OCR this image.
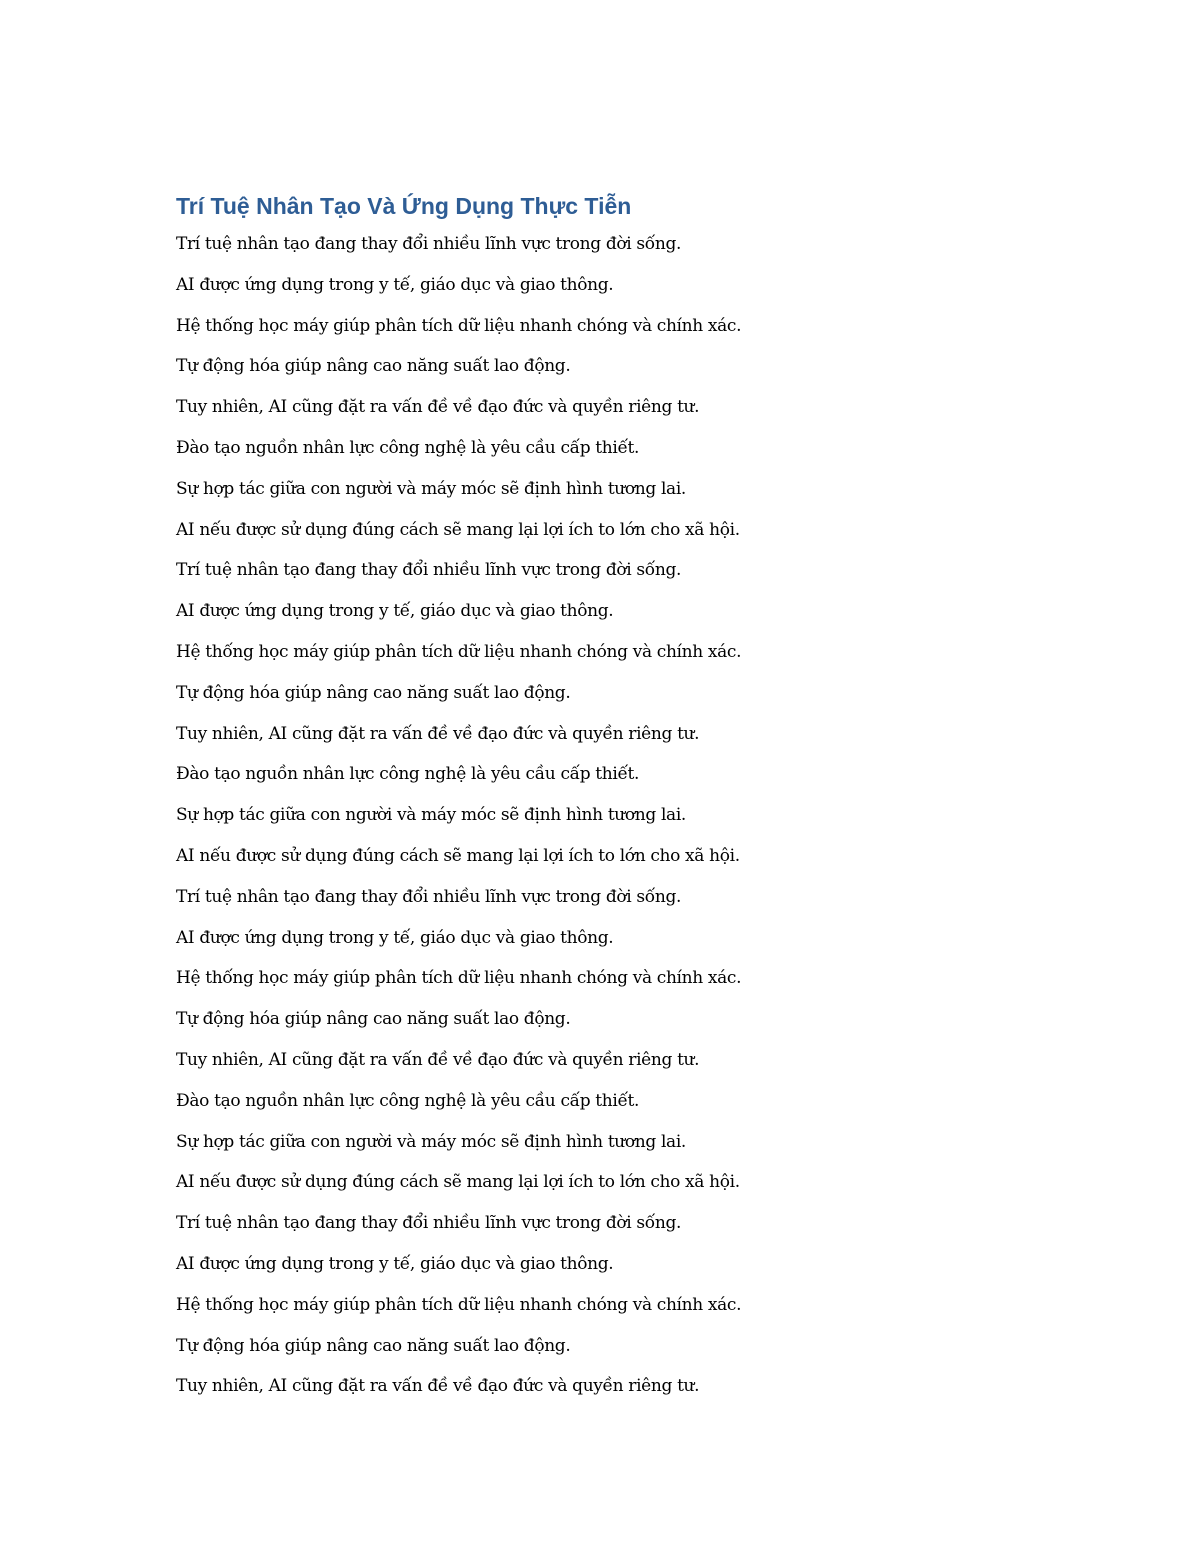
Trí Tuệ Nhân Tạo Và Ứng Dụng Thực Tiễn
Trí tuệ nhân tạo đang thay đổi nhiều lĩnh vực trong đời sống.
AI được ứng dụng trong y tế, giáo dục và giao thông.
Hệ thống học máy giúp phân tích dữ liệu nhanh chóng và chính xác.
Tự động hóa giúp nâng cao năng suất lao động.
Tuy nhiên, AI cũng đặt ra vấn đề về đạo đức và quyền riêng tư.
Đào tạo nguồn nhân lực công nghệ là yêu cầu cấp thiết.
Sự hợp tác giữa con người và máy móc sẽ định hình tương lai.
AI nếu được sử dụng đúng cách sẽ mang lại lợi ích to lớn cho xã hội.
Trí tuệ nhân tạo đang thay đổi nhiều lĩnh vực trong đời sống.
AI được ứng dụng trong y tế, giáo dục và giao thông.
Hệ thống học máy giúp phân tích dữ liệu nhanh chóng và chính xác.
Tự động hóa giúp nâng cao năng suất lao động.
Tuy nhiên, AI cũng đặt ra vấn đề về đạo đức và quyền riêng tư.
Đào tạo nguồn nhân lực công nghệ là yêu cầu cấp thiết.
Sự hợp tác giữa con người và máy móc sẽ định hình tương lai.
AI nếu được sử dụng đúng cách sẽ mang lại lợi ích to lớn cho xã hội.
Trí tuệ nhân tạo đang thay đổi nhiều lĩnh vực trong đời sống.
AI được ứng dụng trong y tế, giáo dục và giao thông.
Hệ thống học máy giúp phân tích dữ liệu nhanh chóng và chính xác.
Tự động hóa giúp nâng cao năng suất lao động.
Tuy nhiên, AI cũng đặt ra vấn đề về đạo đức và quyền riêng tư.
Đào tạo nguồn nhân lực công nghệ là yêu cầu cấp thiết.
Sự hợp tác giữa con người và máy móc sẽ định hình tương lai.
AI nếu được sử dụng đúng cách sẽ mang lại lợi ích to lớn cho xã hội.
Trí tuệ nhân tạo đang thay đổi nhiều lĩnh vực trong đời sống.
AI được ứng dụng trong y tế, giáo dục và giao thông.
Hệ thống học máy giúp phân tích dữ liệu nhanh chóng và chính xác.
Tự động hóa giúp nâng cao năng suất lao động.
Tuy nhiên, AI cũng đặt ra vấn đề về đạo đức và quyền riêng tư.
